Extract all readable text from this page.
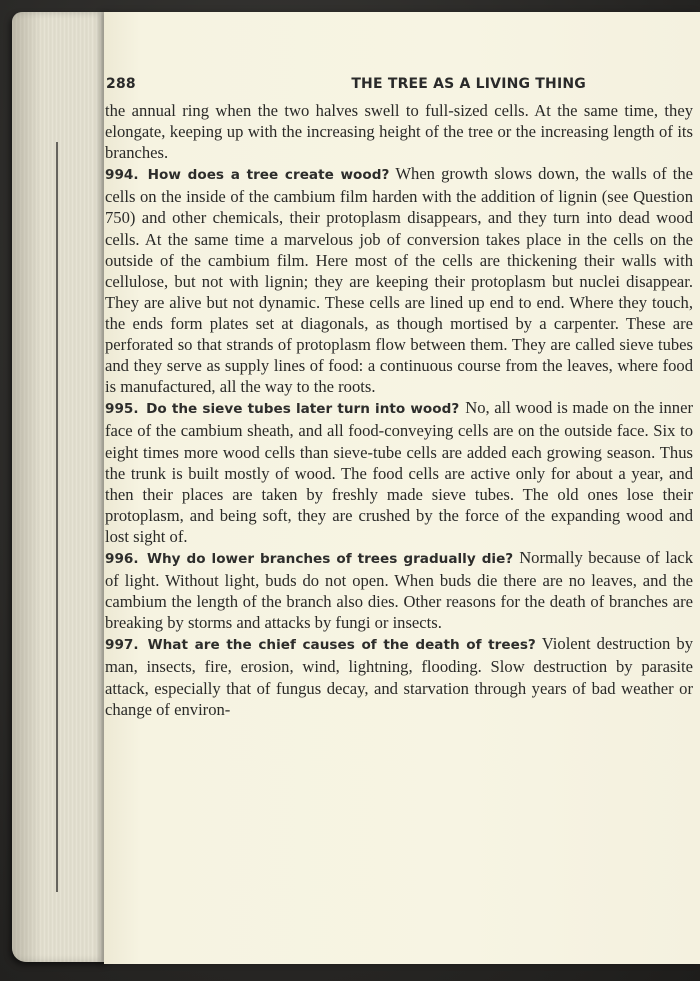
288	THE TREE AS A LIVING THING

the annual ring when the two halves swell to full-sized cells. At the same time, they elongate, keeping up with the increasing height of the tree or the increasing length of its branches.

994. How does a tree create wood? When growth slows down, the walls of the cells on the inside of the cambium film harden with the addition of lignin (see Question 750) and other chemicals, their protoplasm disappears, and they turn into dead wood cells. At the same time a marvelous job of conversion takes place in the cells on the outside of the cambium film. Here most of the cells are thickening their walls with cellulose, but not with lignin; they are keeping their protoplasm but nuclei disappear. They are alive but not dynamic. These cells are lined up end to end. Where they touch, the ends form plates set at diagonals, as though mortised by a carpenter. These are perforated so that strands of protoplasm flow between them. They are called sieve tubes and they serve as supply lines of food: a continuous course from the leaves, where food is manufactured, all the way to the roots.

995. Do the sieve tubes later turn into wood? No, all wood is made on the inner face of the cambium sheath, and all food-conveying cells are on the outside face. Six to eight times more wood cells than sieve-tube cells are added each growing season. Thus the trunk is built mostly of wood. The food cells are active only for about a year, and then their places are taken by freshly made sieve tubes. The old ones lose their protoplasm, and being soft, they are crushed by the force of the expanding wood and lost sight of.

996. Why do lower branches of trees gradually die? Normally because of lack of light. Without light, buds do not open. When buds die there are no leaves, and the cambium the length of the branch also dies. Other reasons for the death of branches are breaking by storms and attacks by fungi or insects.

997. What are the chief causes of the death of trees? Violent destruction by man, insects, fire, erosion, wind, lightning, flooding. Slow destruction by parasite attack, especially that of fungus decay, and starvation through years of bad weather or change of environ-
